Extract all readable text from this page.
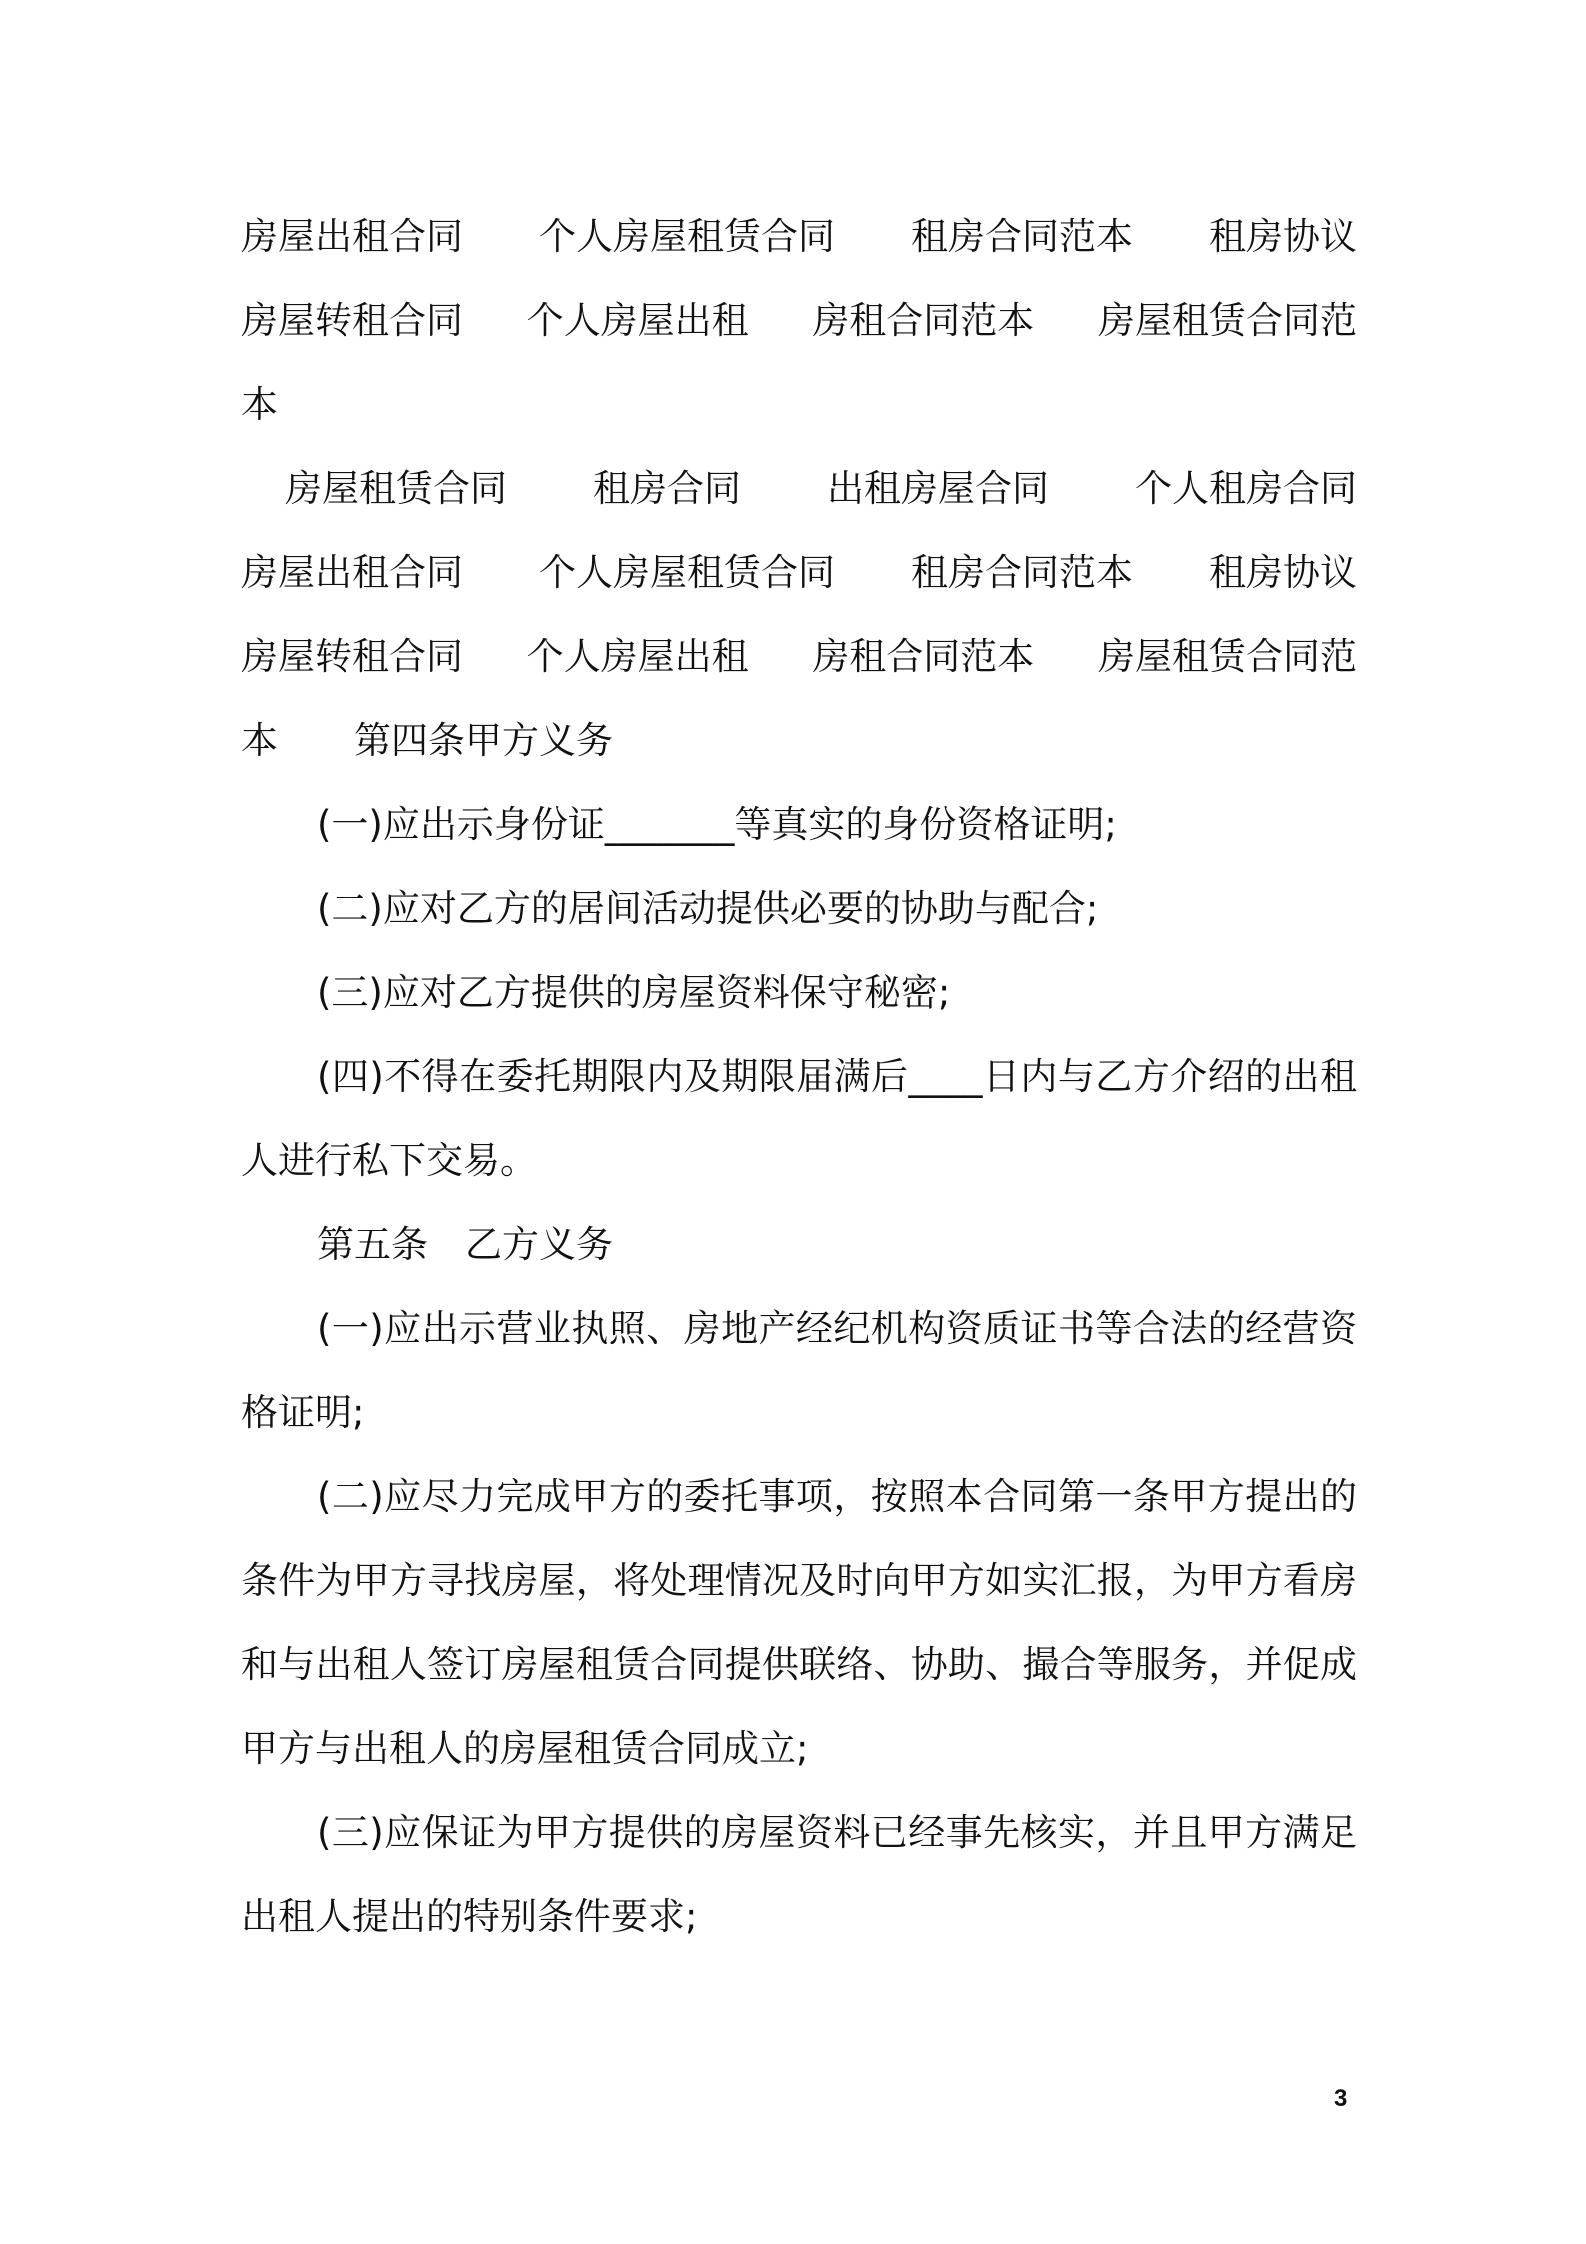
房屋出租合同 个人房屋租赁合同 租房合同范本 租房协议
房屋转租合同 个人房屋出租 房租合同范本 房屋租赁合同范
本
房屋租赁合同 租房合同 出租房屋合同 个人租房合同
房屋出租合同 个人房屋租赁合同 租房合同范本 租房协议
房屋转租合同 个人房屋出租 房租合同范本 房屋租赁合同范
本 第四条甲方义务

(一)应出示身份证_______等真实的身份资格证明;

(二)应对乙方的居间活动提供必要的协助与配合;

(三)应对乙方提供的房屋资料保守秘密;

(四)不得在委托期限内及期限届满后____日内与乙方介绍的出租人进行私下交易。

第五条　乙方义务

(一)应出示营业执照、房地产经纪机构资质证书等合法的经营资格证明;

(二)应尽力完成甲方的委托事项，按照本合同第一条甲方提出的条件为甲方寻找房屋，将处理情况及时向甲方如实汇报，为甲方看房和与出租人签订房屋租赁合同提供联络、协助、撮合等服务，并促成甲方与出租人的房屋租赁合同成立;

(三)应保证为甲方提供的房屋资料已经事先核实，并且甲方满足出租人提出的特别条件要求;

3
